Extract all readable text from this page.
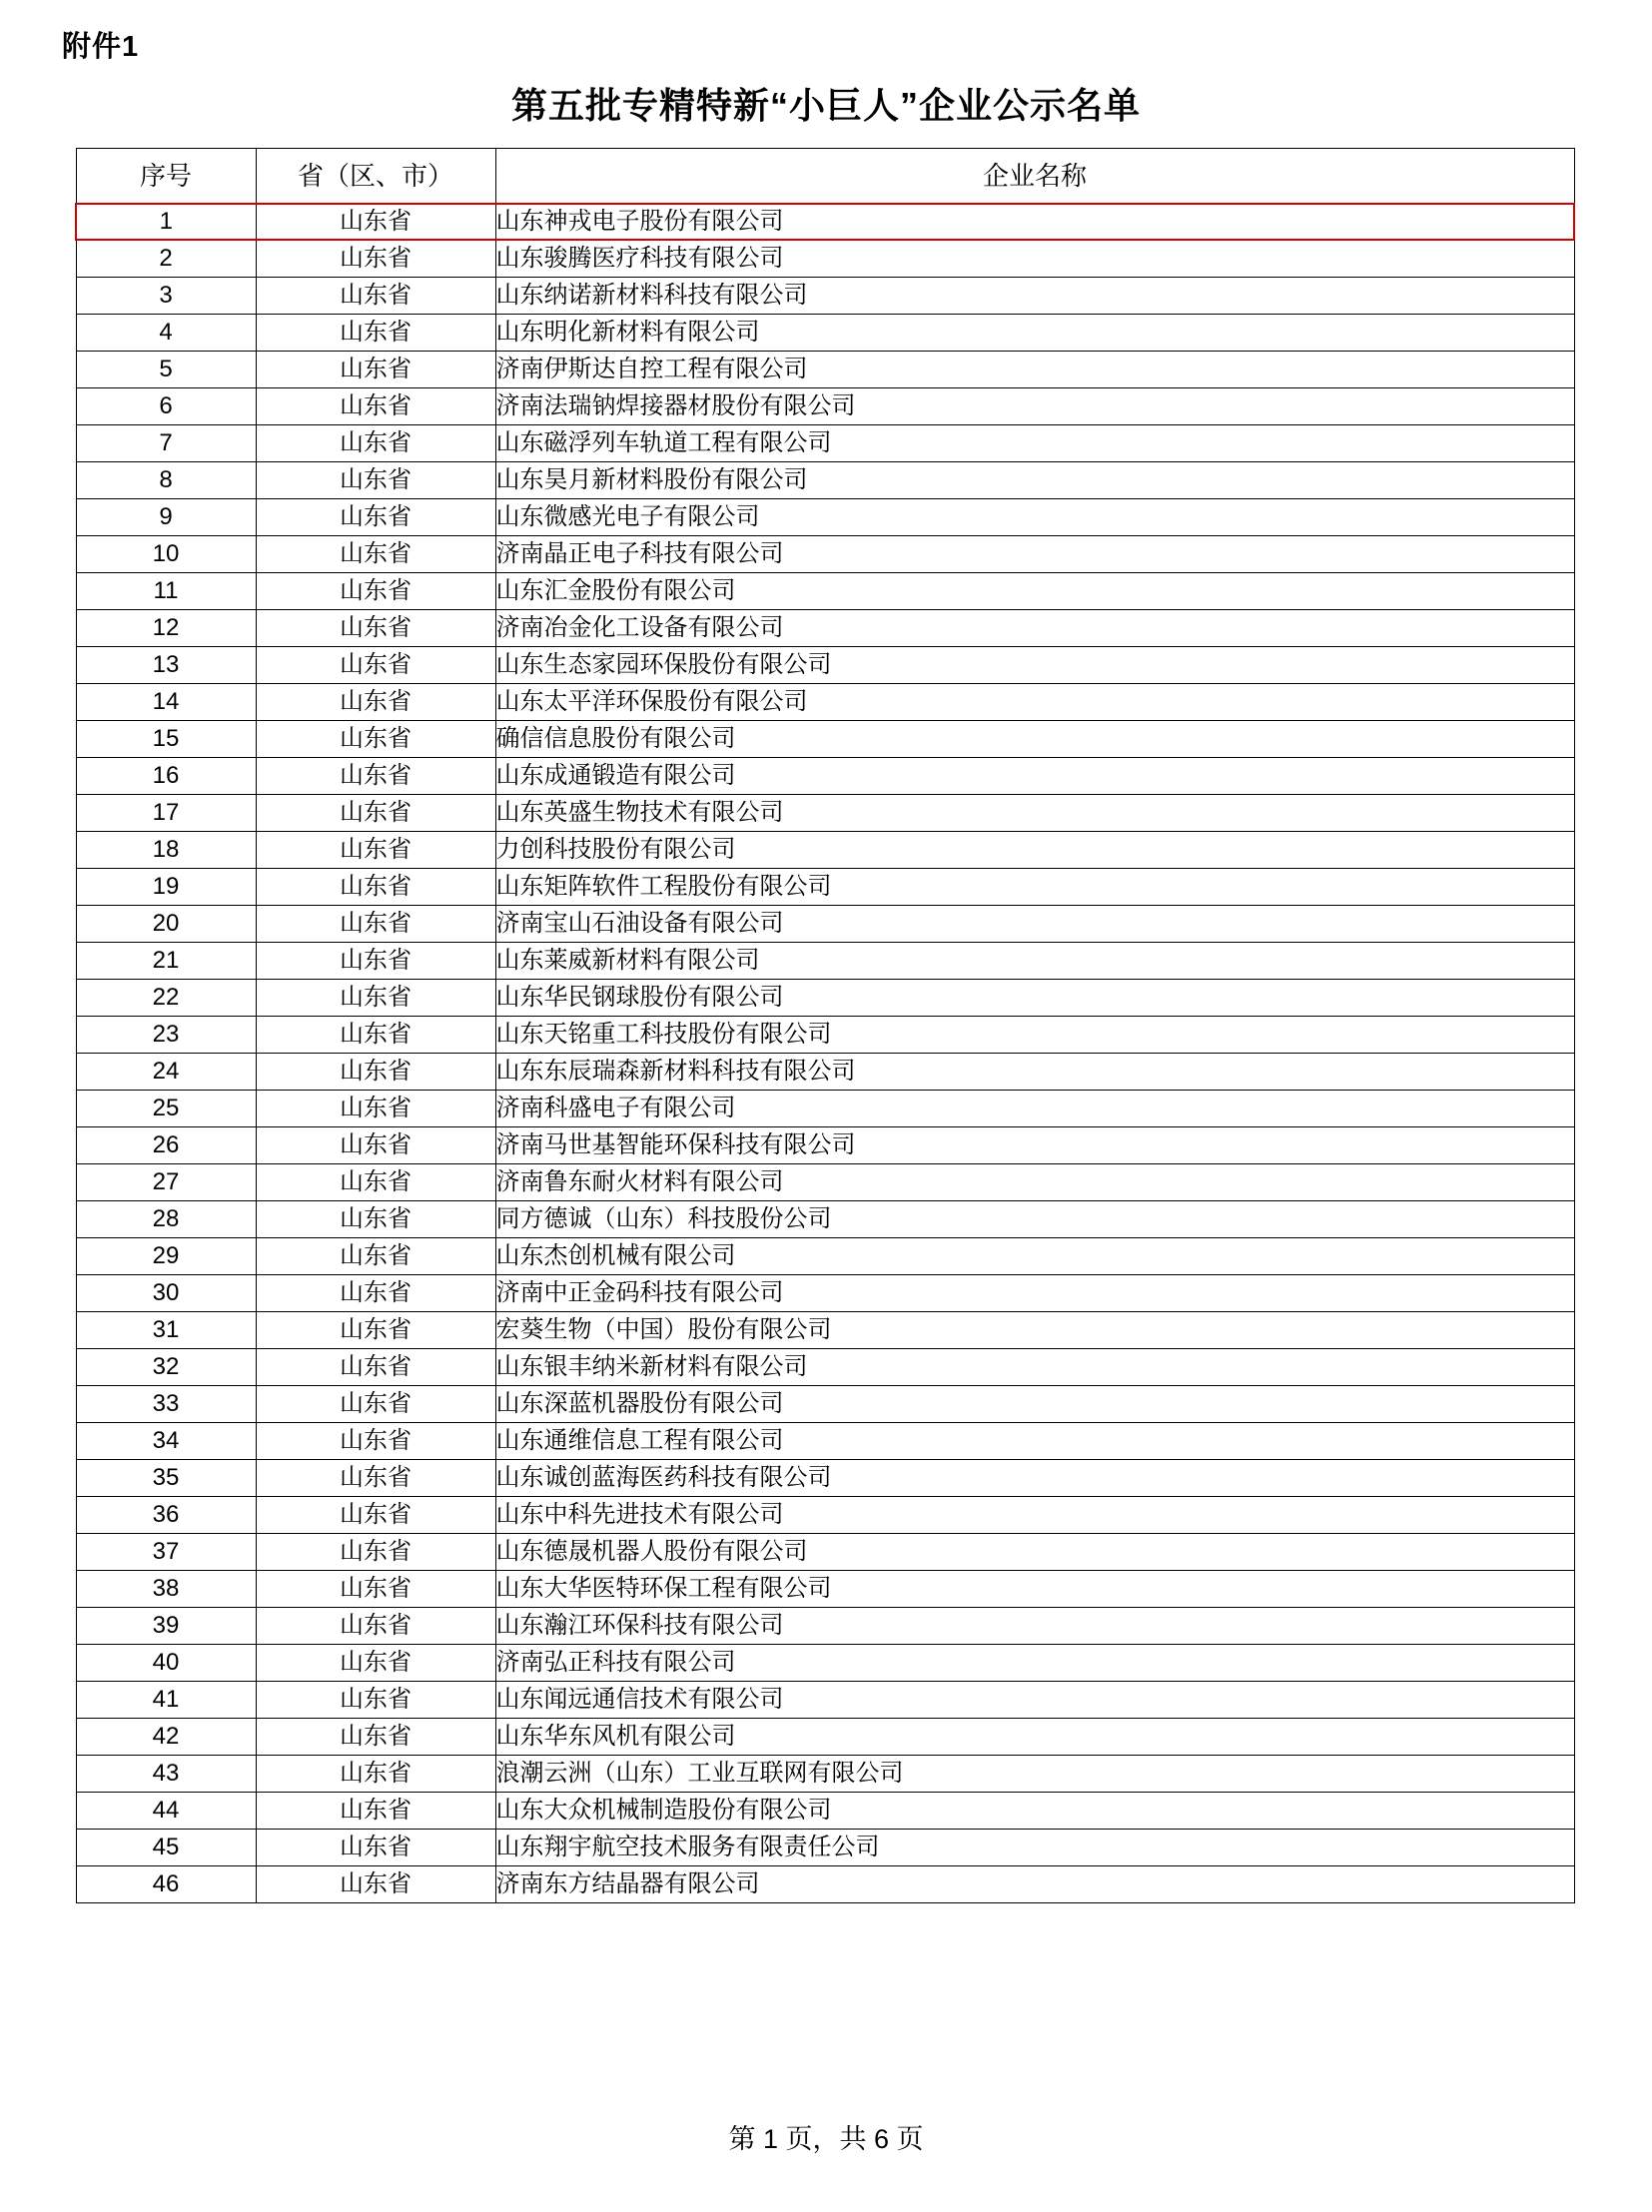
附件1
第五批专精特新“小巨人”企业公示名单
序号	省（区、市）	企业名称
1	山东省	山东神戎电子股份有限公司
2	山东省	山东骏腾医疗科技有限公司
3	山东省	山东纳诺新材料科技有限公司
4	山东省	山东明化新材料有限公司
5	山东省	济南伊斯达自控工程有限公司
6	山东省	济南法瑞钠焊接器材股份有限公司
7	山东省	山东磁浮列车轨道工程有限公司
8	山东省	山东昊月新材料股份有限公司
9	山东省	山东微感光电子有限公司
10	山东省	济南晶正电子科技有限公司
11	山东省	山东汇金股份有限公司
12	山东省	济南冶金化工设备有限公司
13	山东省	山东生态家园环保股份有限公司
14	山东省	山东太平洋环保股份有限公司
15	山东省	确信信息股份有限公司
16	山东省	山东成通锻造有限公司
17	山东省	山东英盛生物技术有限公司
18	山东省	力创科技股份有限公司
19	山东省	山东矩阵软件工程股份有限公司
20	山东省	济南宝山石油设备有限公司
21	山东省	山东莱威新材料有限公司
22	山东省	山东华民钢球股份有限公司
23	山东省	山东天铭重工科技股份有限公司
24	山东省	山东东辰瑞森新材料科技有限公司
25	山东省	济南科盛电子有限公司
26	山东省	济南马世基智能环保科技有限公司
27	山东省	济南鲁东耐火材料有限公司
28	山东省	同方德诚（山东）科技股份公司
29	山东省	山东杰创机械有限公司
30	山东省	济南中正金码科技有限公司
31	山东省	宏葵生物（中国）股份有限公司
32	山东省	山东银丰纳米新材料有限公司
33	山东省	山东深蓝机器股份有限公司
34	山东省	山东通维信息工程有限公司
35	山东省	山东诚创蓝海医药科技有限公司
36	山东省	山东中科先进技术有限公司
37	山东省	山东德晟机器人股份有限公司
38	山东省	山东大华医特环保工程有限公司
39	山东省	山东瀚江环保科技有限公司
40	山东省	济南弘正科技有限公司
41	山东省	山东闻远通信技术有限公司
42	山东省	山东华东风机有限公司
43	山东省	浪潮云洲（山东）工业互联网有限公司
44	山东省	山东大众机械制造股份有限公司
45	山东省	山东翔宇航空技术服务有限责任公司
46	山东省	济南东方结晶器有限公司
第 1 页，共 6 页
